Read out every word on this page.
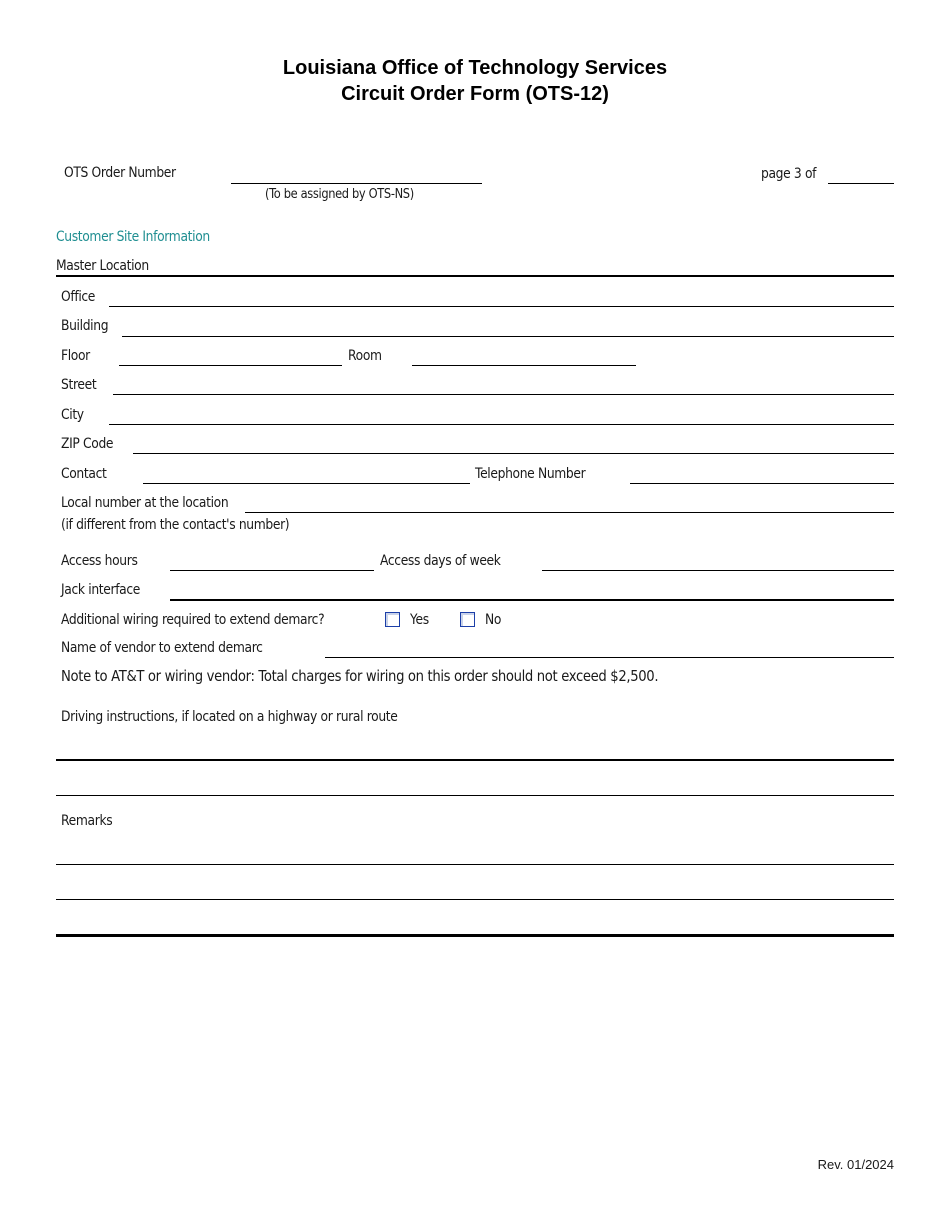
Louisiana Office of Technology Services
Circuit Order Form (OTS-12)
OTS Order Number
(To be assigned by OTS-NS)
page 3 of
Customer Site Information
Master Location
Office
Building
Floor	Room
Street
City
ZIP Code
Contact	Telephone Number
Local number at the location
(if different from the contact's number)
Access hours	Access days of week
Jack interface
Additional wiring required to extend demarc?	Yes	No
Name of vendor to extend demarc
Note to AT&T or wiring vendor: Total charges for wiring on this order should not exceed $2,500.
Driving instructions, if located on a highway or rural route
Remarks
Rev. 01/2024
